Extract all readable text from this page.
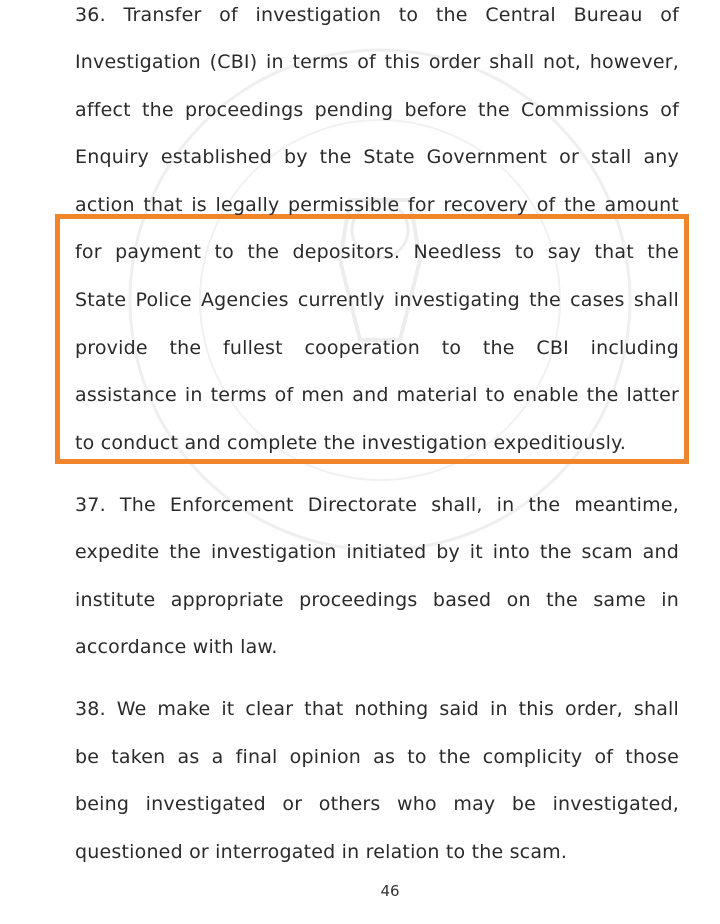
36. Transfer of investigation to the Central Bureau of
Investigation (CBI) in terms of this order shall not, however,
affect the proceedings pending before the Commissions of
Enquiry established by the State Government or stall any
action that is legally permissible for recovery of the amount
for payment to the depositors. Needless to say that the
State Police Agencies currently investigating the cases shall
provide the fullest cooperation to the CBI including
assistance in terms of men and material to enable the latter
to conduct and complete the investigation expeditiously.
37. The Enforcement Directorate shall, in the meantime,
expedite the investigation initiated by it into the scam and
institute appropriate proceedings based on the same in
accordance with law.
38. We make it clear that nothing said in this order, shall
be taken as a final opinion as to the complicity of those
being investigated or others who may be investigated,
questioned or interrogated in relation to the scam.
46
